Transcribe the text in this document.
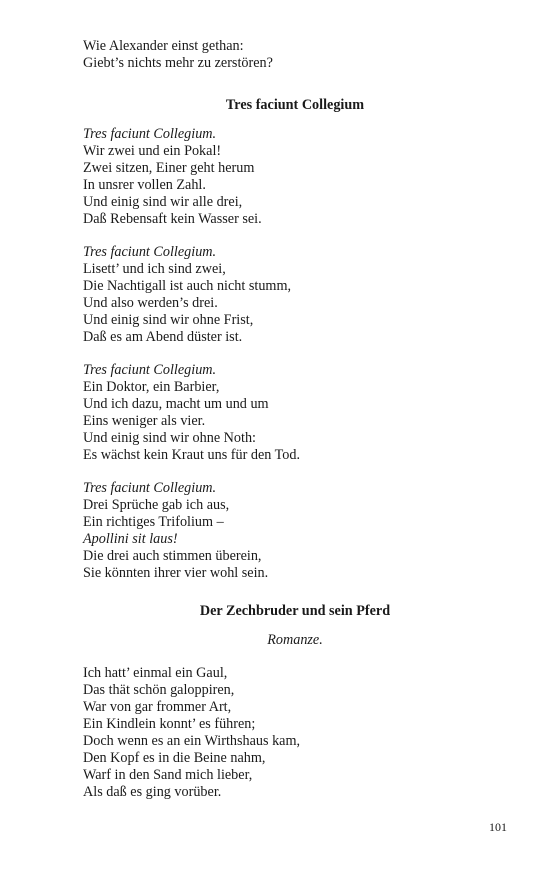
Wie Alexander einst gethan:
Giebt’s nichts mehr zu zerstören?
Tres faciunt Collegium
Tres faciunt Collegium.
Wir zwei und ein Pokal!
Zwei sitzen, Einer geht herum
In unsrer vollen Zahl.
Und einig sind wir alle drei,
Daß Rebensaft kein Wasser sei.
Tres faciunt Collegium.
Lisett’ und ich sind zwei,
Die Nachtigall ist auch nicht stumm,
Und also werden’s drei.
Und einig sind wir ohne Frist,
Daß es am Abend düster ist.
Tres faciunt Collegium.
Ein Doktor, ein Barbier,
Und ich dazu, macht um und um
Eins weniger als vier.
Und einig sind wir ohne Noth:
Es wächst kein Kraut uns für den Tod.
Tres faciunt Collegium.
Drei Sprüche gab ich aus,
Ein richtiges Trifolium –
Apollini sit laus!
Die drei auch stimmen überein,
Sie könnten ihrer vier wohl sein.
Der Zechbruder und sein Pferd
Romanze.
Ich hatt’ einmal ein Gaul,
Das thät schön galoppiren,
War von gar frommer Art,
Ein Kindlein konnt’ es führen;
Doch wenn es an ein Wirthshaus kam,
Den Kopf es in die Beine nahm,
Warf in den Sand mich lieber,
Als daß es ging vorüber.
101
